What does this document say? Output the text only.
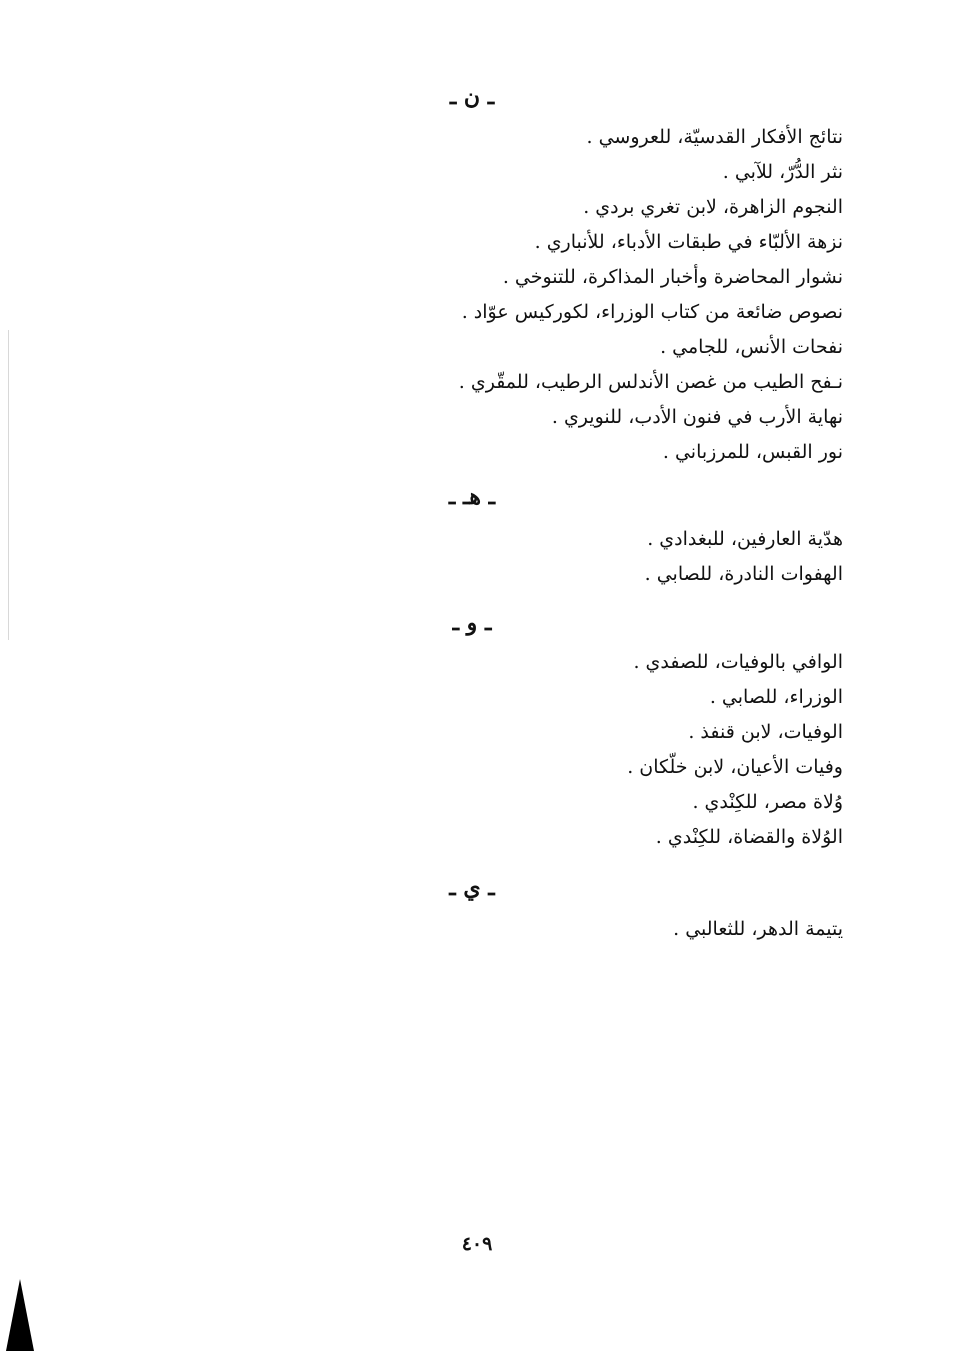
ـ ن ـ
نتائج الأفكار القدسيّة، للعروسي .
نثر الدُّرّ، للآبي .
النجوم الزاهرة، لابن تغري بردي .
نزهة الألبّاء في طبقات الأدباء، للأنباري .
نشوار المحاضرة وأخبار المذاكرة، للتنوخي .
نصوص ضائعة من كتاب الوزراء، لكوركيس عوّاد .
نفحات الأنس، للجامي .
نـفح الطيب من غصن الأندلس الرطيب، للمقّري .
نهاية الأرب في فنون الأدب، للنويري .
نور القبس، للمرزباني .
ـ هـ ـ
هدّية العارفين، للبغدادي .
الهفوات النادرة، للصابي .
ـ و ـ
الوافي بالوفيات، للصفدي .
الوزراء، للصابي .
الوفيات، لابن قنفذ .
وفيات الأعيان، لابن خلّكان .
وُلاة مصر، للكِنْدي .
الوُلاة والقضاة، للكِنْدي .
ـ ي ـ
يتيمة الدهر، للثعالبي .
٤٠٩
